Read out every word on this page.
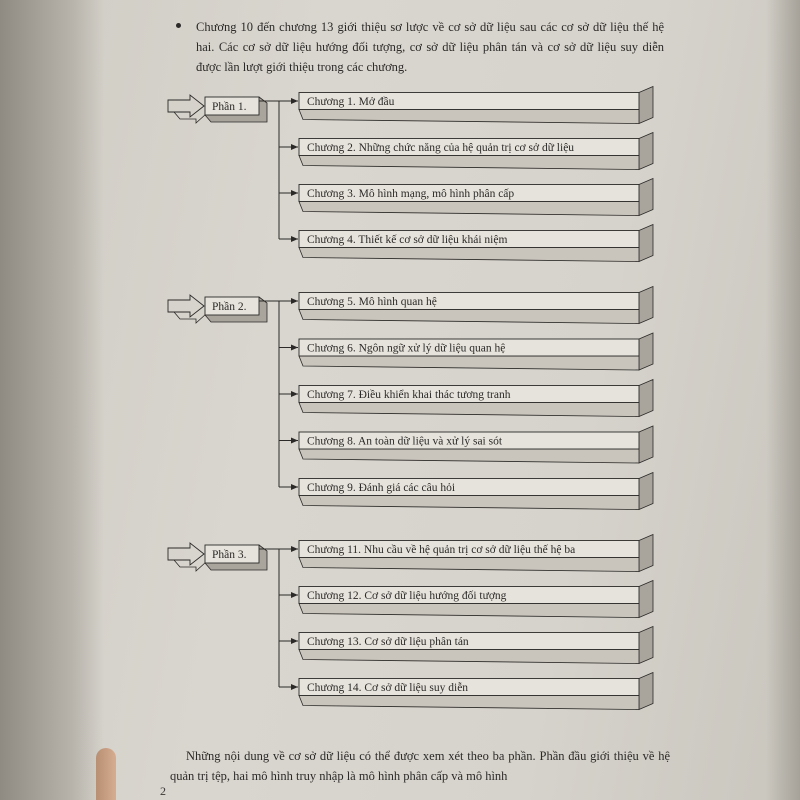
Chương 10 đến chương 13 giới thiệu sơ lược về cơ sở dữ liệu sau các cơ sở dữ liệu thế hệ hai. Các cơ sở dữ liệu hướng đối tượng, cơ sở dữ liệu phân tán và cơ sở dữ liệu suy diễn được lần lượt giới thiệu trong các chương.
Phần 1.	Chương 1. Mở đầu
Chương 2. Những chức năng của hệ quản trị cơ sở dữ liệu
Chương 3. Mô hình mạng, mô hình phân cấp
Chương 4. Thiết kế cơ sở dữ liệu khái niệm
Phần 2.	Chương 5. Mô hình quan hệ
Chương 6. Ngôn ngữ xử lý dữ liệu quan hệ
Chương 7. Điều khiển khai thác tương tranh
Chương 8. An toàn dữ liệu và xử lý sai sót
Chương 9. Đánh giá các câu hỏi
Phần 3.	Chương 11. Nhu cầu về hệ quản trị cơ sở dữ liệu thế hệ ba
Chương 12. Cơ sở dữ liệu hướng đối tượng
Chương 13. Cơ sở dữ liệu phân tán
Chương 14. Cơ sở dữ liệu suy diễn
Những nội dung về cơ sở dữ liệu có thể được xem xét theo ba phần. Phần đầu giới thiệu về hệ quản trị tệp, hai mô hình truy nhập là mô hình phân cấp và mô hình
2
